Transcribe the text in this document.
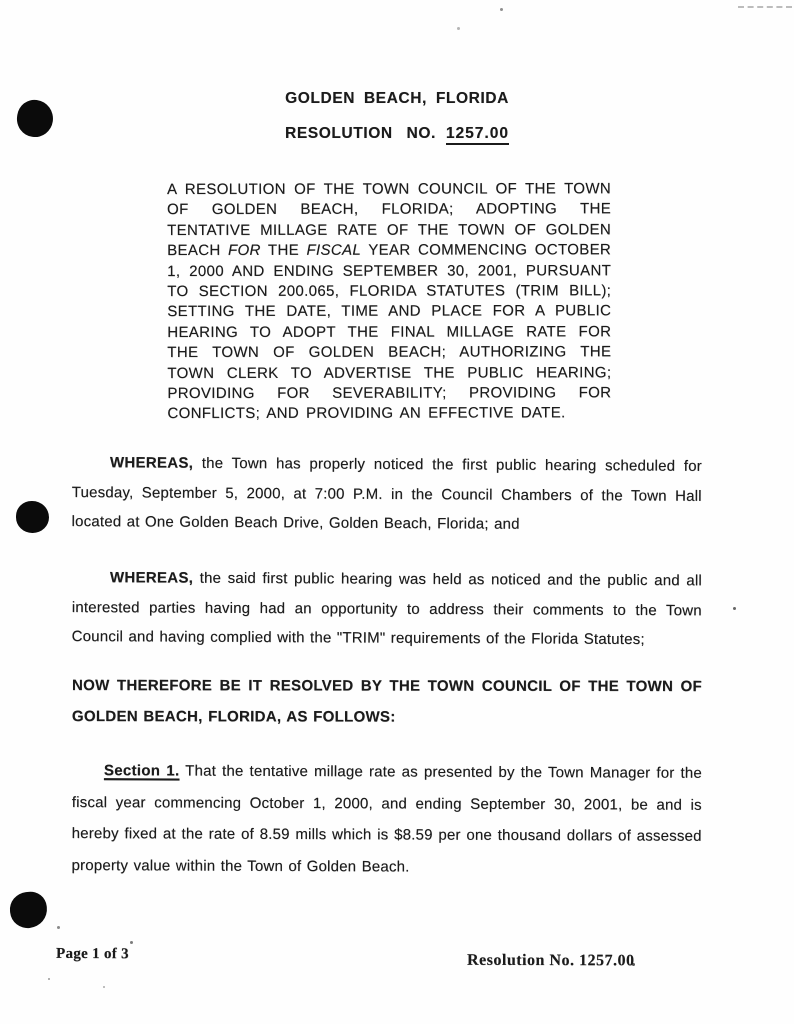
GOLDEN BEACH, FLORIDA
RESOLUTION NO. 1257.00

A RESOLUTION OF THE TOWN COUNCIL OF THE TOWN OF GOLDEN BEACH, FLORIDA; ADOPTING THE TENTATIVE MILLAGE RATE OF THE TOWN OF GOLDEN BEACH FOR THE FISCAL YEAR COMMENCING OCTOBER 1, 2000 AND ENDING SEPTEMBER 30, 2001, PURSUANT TO SECTION 200.065, FLORIDA STATUTES (TRIM BILL); SETTING THE DATE, TIME AND PLACE FOR A PUBLIC HEARING TO ADOPT THE FINAL MILLAGE RATE FOR THE TOWN OF GOLDEN BEACH; AUTHORIZING THE TOWN CLERK TO ADVERTISE THE PUBLIC HEARING; PROVIDING FOR SEVERABILITY; PROVIDING FOR CONFLICTS; AND PROVIDING AN EFFECTIVE DATE.

WHEREAS, the Town has properly noticed the first public hearing scheduled for Tuesday, September 5, 2000, at 7:00 P.M. in the Council Chambers of the Town Hall located at One Golden Beach Drive, Golden Beach, Florida; and

WHEREAS, the said first public hearing was held as noticed and the public and all interested parties having had an opportunity to address their comments to the Town Council and having complied with the "TRIM" requirements of the Florida Statutes;

NOW THEREFORE BE IT RESOLVED BY THE TOWN COUNCIL OF THE TOWN OF GOLDEN BEACH, FLORIDA, AS FOLLOWS:

Section 1. That the tentative millage rate as presented by the Town Manager for the fiscal year commencing October 1, 2000, and ending September 30, 2001, be and is hereby fixed at the rate of 8.59 mills which is $8.59 per one thousand dollars of assessed property value within the Town of Golden Beach.

Page 1 of 3	Resolution No. 1257.00
